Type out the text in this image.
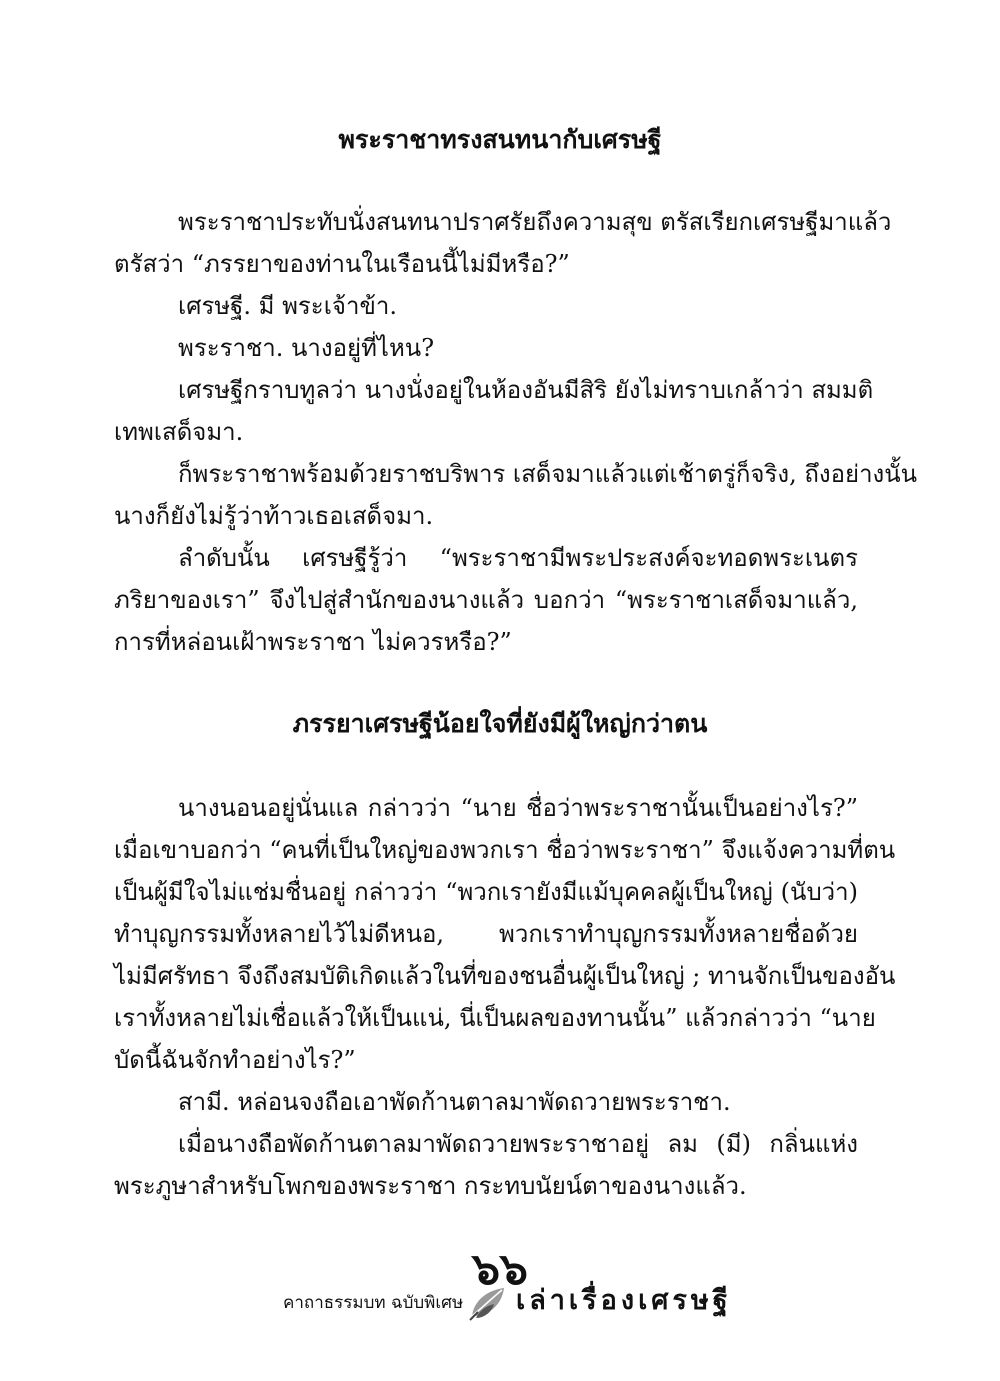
พระราชาทรงสนทนากับเศรษฐี
พระราชาประทับนั่งสนทนาปราศรัยถึงความสุข ตรัสเรียกเศรษฐีมาแล้ว
ตรัสว่า “ภรรยาของท่านในเรือนนี้ไม่มีหรือ?”
เศรษฐี. มี พระเจ้าข้า.
พระราชา. นางอยู่ที่ไหน?
เศรษฐีกราบทูลว่า นางนั่งอยู่ในห้องอันมีสิริ ยังไม่ทราบเกล้าว่า สมมติ
เทพเสด็จมา.
ก็พระราชาพร้อมด้วยราชบริพาร เสด็จมาแล้วแต่เช้าตรู่ก็จริง, ถึงอย่างนั้น
นางก็ยังไม่รู้ว่าท้าวเธอเสด็จมา.
ลำดับนั้น เศรษฐีรู้ว่า “พระราชามีพระประสงค์จะทอดพระเนตร
ภริยาของเรา” จึงไปสู่สำนักของนางแล้ว บอกว่า “พระราชาเสด็จมาแล้ว,
การที่หล่อนเฝ้าพระราชา ไม่ควรหรือ?”
ภรรยาเศรษฐีน้อยใจที่ยังมีผู้ใหญ่กว่าตน
นางนอนอยู่นั่นแล กล่าวว่า “นาย ชื่อว่าพระราชานั้นเป็นอย่างไร?”
เมื่อเขาบอกว่า “คนที่เป็นใหญ่ของพวกเรา ชื่อว่าพระราชา” จึงแจ้งความที่ตน
เป็นผู้มีใจไม่แช่มชื่นอยู่ กล่าวว่า “พวกเรายังมีแม้บุคคลผู้เป็นใหญ่ (นับว่า)
ทำบุญกรรมทั้งหลายไว้ไม่ดีหนอ, พวกเราทำบุญกรรมทั้งหลายชื่อด้วย
ไม่มีศรัทธา จึงถึงสมบัติเกิดแล้วในที่ของชนอื่นผู้เป็นใหญ่ ; ทานจักเป็นของอัน
เราทั้งหลายไม่เชื่อแล้วให้เป็นแน่, นี่เป็นผลของทานนั้น” แล้วกล่าวว่า “นาย
บัดนี้ฉันจักทำอย่างไร?”
สามี. หล่อนจงถือเอาพัดก้านตาลมาพัดถวายพระราชา.
เมื่อนางถือพัดก้านตาลมาพัดถวายพระราชาอยู่ ลม (มี) กลิ่นแห่ง
พระภูษาสำหรับโพกของพระราชา กระทบนัยน์ตาของนางแล้ว.
๖๖
คาถาธรรมบท ฉบับพิเศษ เล่าเรื่องเศรษฐี
